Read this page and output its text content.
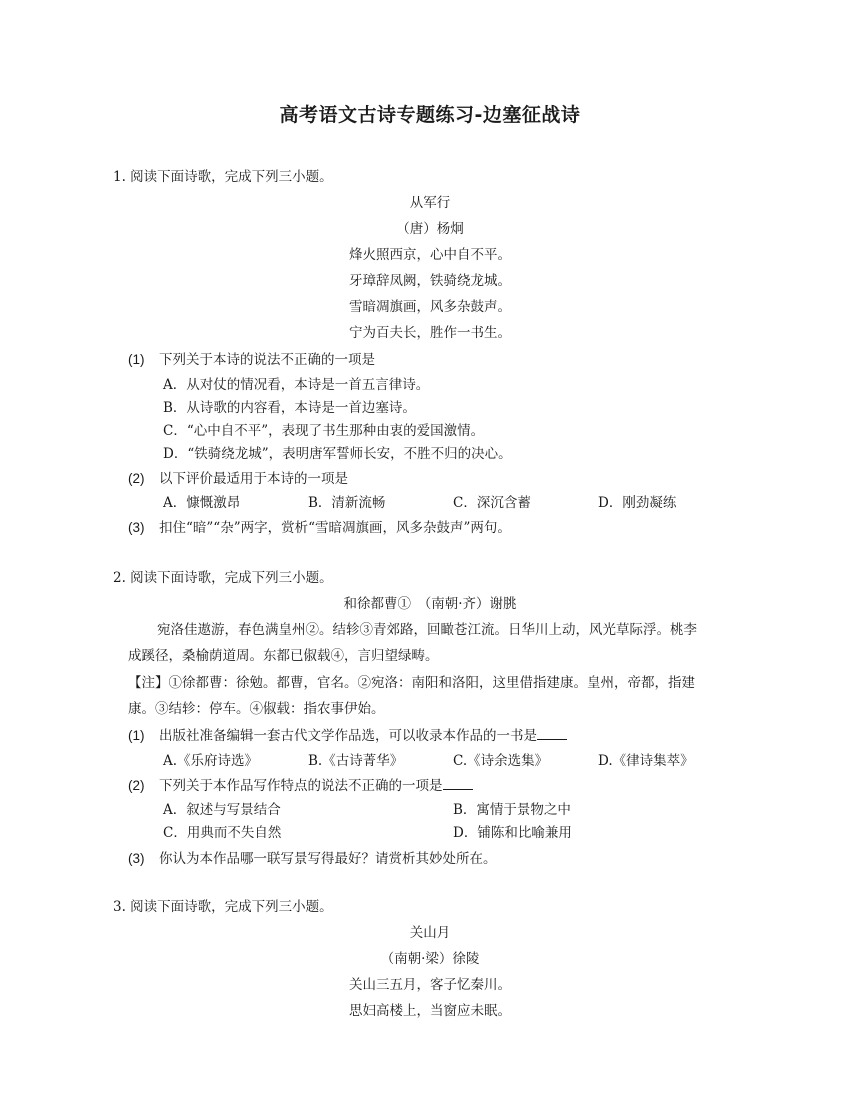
高考语文古诗专题练习-边塞征战诗
1. 阅读下面诗歌，完成下列三小题。
从军行
（唐）杨炯
烽火照西京，心中自不平。
牙璋辞凤阙，铁骑绕龙城。
雪暗凋旗画，风多杂鼓声。
宁为百夫长，胜作一书生。
(1) 下列关于本诗的说法不正确的一项是
A．从对仗的情况看，本诗是一首五言律诗。
B．从诗歌的内容看，本诗是一首边塞诗。
C．“心中自不平”，表现了书生那种由衷的爱国激情。
D．“铁骑绕龙城”，表明唐军誓师长安，不胜不归的决心。
(2) 以下评价最适用于本诗的一项是
A．慷慨激昂	B．清新流畅	C．深沉含蓄	D．刚劲凝练
(3) 扣住“暗”“杂”两字，赏析“雪暗凋旗画，风多杂鼓声”两句。
2. 阅读下面诗歌，完成下列三小题。
和徐都曹①　（南朝·齐）谢朓
宛洛佳遨游，春色满皇州②。结轸③青郊路，回瞰苍江流。日华川上动，风光草际浮。桃李
成蹊径，桑榆荫道周。东都已俶载④，言归望绿畴。
【注】①徐都曹：徐勉。都曹，官名。②宛洛：南阳和洛阳，这里借指建康。皇州，帝都，指建
康。③结轸：停车。④俶载：指农事伊始。
(1) 出版社准备编辑一套古代文学作品选，可以收录本作品的一书是
A.《乐府诗选》	B.《古诗菁华》	C.《诗余选集》	D.《律诗集萃》
(2) 下列关于本作品写作特点的说法不正确的一项是
A．叙述与写景结合	B．寓情于景物之中
C．用典而不失自然	D．铺陈和比喻兼用
(3) 你认为本作品哪一联写景写得最好？请赏析其妙处所在。
3. 阅读下面诗歌，完成下列三小题。
关山月
（南朝·梁）徐陵
关山三五月，客子忆秦川。
思妇高楼上，当窗应未眠。
